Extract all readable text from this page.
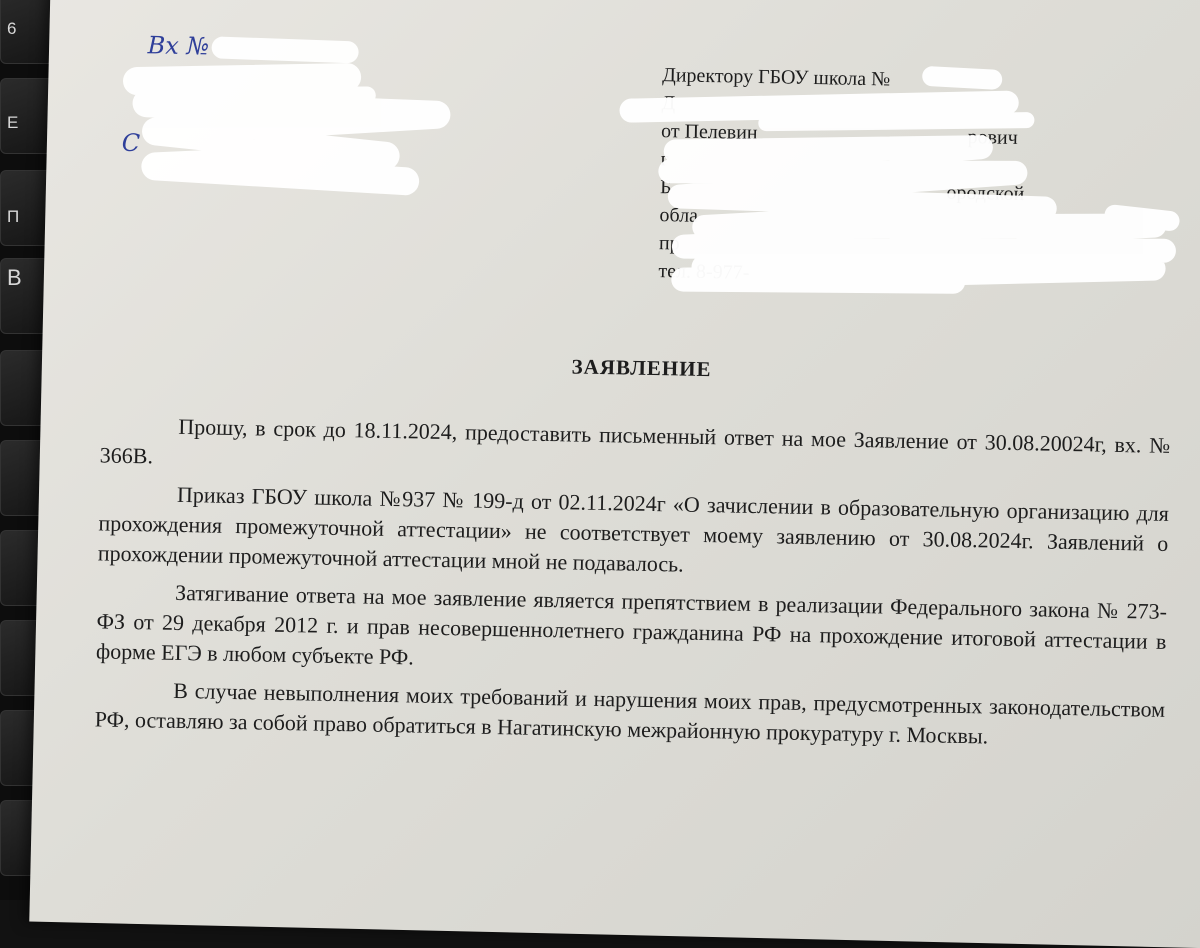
6
Е
П
В
Вх №
С
Директору ГБОУ школа №
Д
от Пелевин	рович
г
Б	ородской
обла
пр
тел. 8-977-
ЗАЯВЛЕНИЕ

Прошу, в срок до 18.11.2024, предоставить письменный ответ на мое Заявление от 30.08.20024г, вх. № 366В.

Приказ ГБОУ школа №937 № 199-д от 02.11.2024г «О зачислении в образовательную организацию для прохождения промежуточной аттестации» не соответствует моему заявлению от 30.08.2024г. Заявлений о прохождении промежуточной аттестации мной не подавалось.

Затягивание ответа на мое заявление является препятствием в реализации Федерального закона № 273-ФЗ от 29 декабря 2012 г. и прав несовершеннолетнего гражданина РФ на прохождение итоговой аттестации в форме ЕГЭ в любом субъекте РФ.

В случае невыполнения моих требований и нарушения моих прав, предусмотренных законодательством РФ, оставляю за собой право обратиться в Нагатинскую межрайонную прокуратуру г. Москвы.
